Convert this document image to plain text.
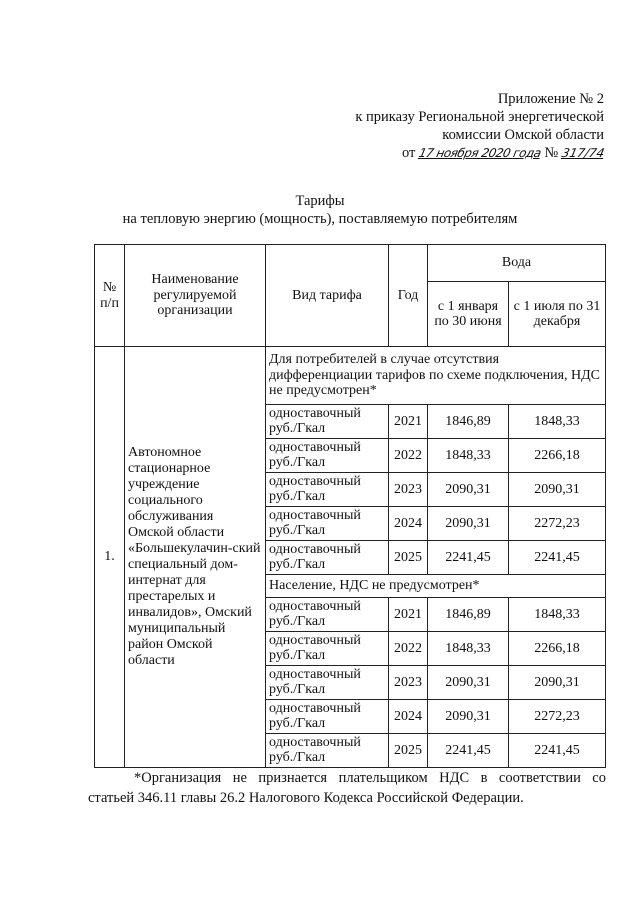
Приложение № 2
к приказу Региональной энергетической
комиссии Омской области
от 17 ноября 2020 года № 317/74
Тарифы
на тепловую энергию (мощность), поставляемую потребителям
№ п/п	Наименование регулируемой организации	Вид тарифа	Год	Вода	
				с 1 января по 30 июня	с 1 июля по 31 декабря
1.	Автономное стационарное учреждение социального обслуживания Омской области «Большекулачин-ский специальный дом-интернат для престарелых и инвалидов», Омский муниципальный район Омской области	Для потребителей в случае отсутствия дифференциации тарифов по схеме подключения, НДС не предусмотрен*			
		одноставочный руб./Гкал	2021	1846,89	1848,33
		одноставочный руб./Гкал	2022	1848,33	2266,18
		одноставочный руб./Гкал	2023	2090,31	2090,31
		одноставочный руб./Гкал	2024	2090,31	2272,23
		одноставочный руб./Гкал	2025	2241,45	2241,45
		Население, НДС не предусмотрен*			
		одноставочный руб./Гкал	2021	1846,89	1848,33
		одноставочный руб./Гкал	2022	1848,33	2266,18
		одноставочный руб./Гкал	2023	2090,31	2090,31
		одноставочный руб./Гкал	2024	2090,31	2272,23
		одноставочный руб./Гкал	2025	2241,45	2241,45
*Организация не признается плательщиком НДС в соответствии со
статьей 346.11 главы 26.2 Налогового Кодекса Российской Федерации.
